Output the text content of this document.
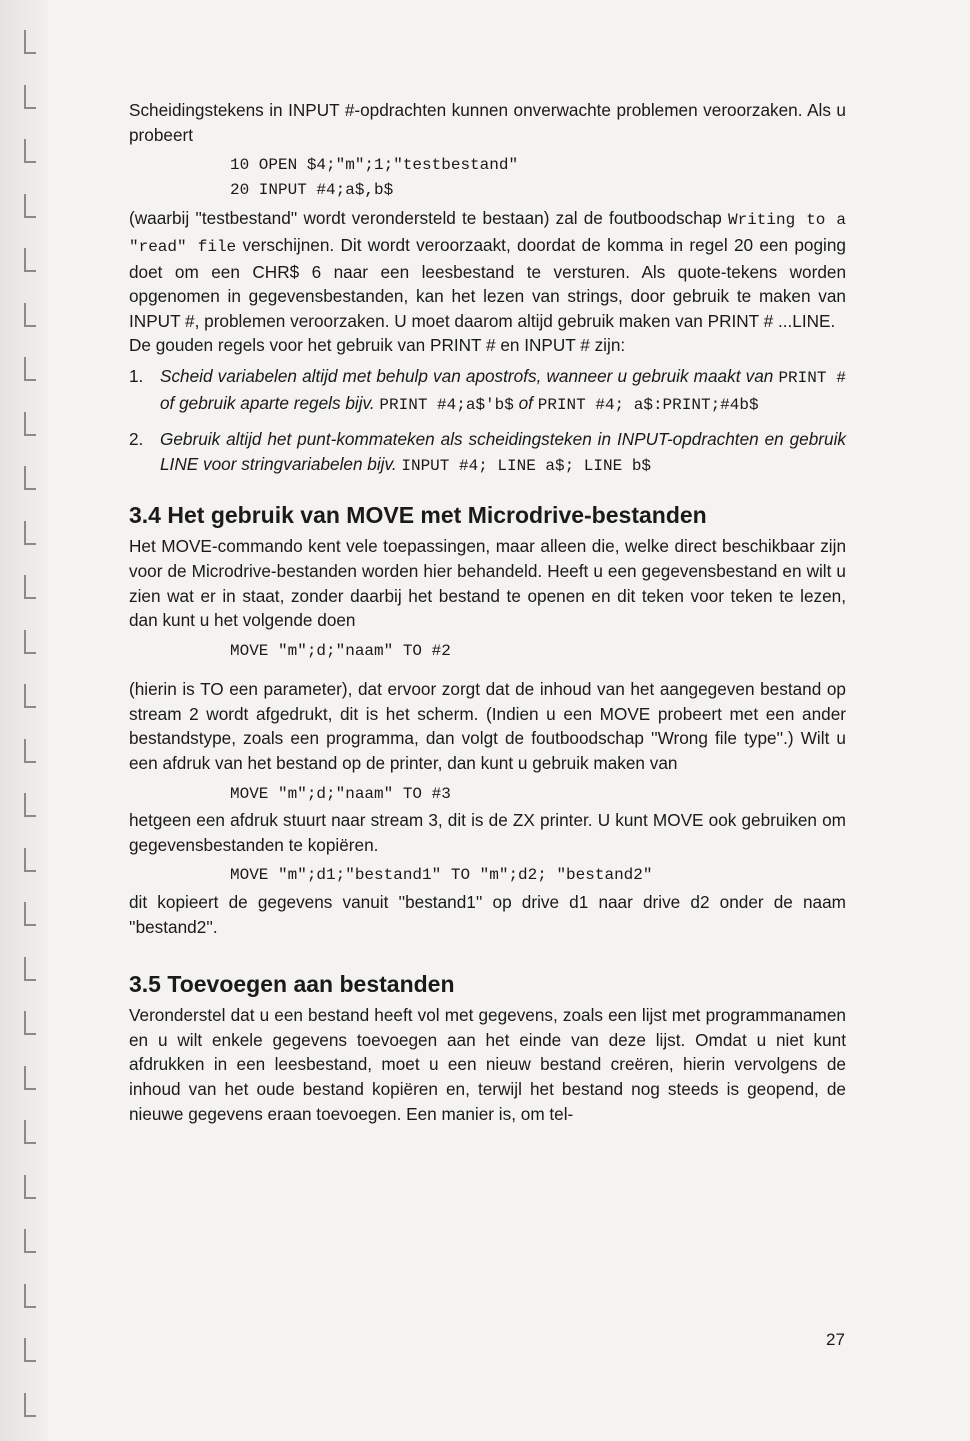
Scheidingstekens in INPUT #-opdrachten kunnen onverwachte problemen veroorzaken. Als u probeert

10 OPEN $4;"m";1;"testbestand"
20 INPUT #4;a$,b$

(waarbij ''testbestand'' wordt verondersteld te bestaan) zal de foutboodschap Writing to a "read" file verschijnen. Dit wordt veroorzaakt, doordat de komma in regel 20 een poging doet om een CHR$ 6 naar een leesbestand te versturen. Als quote-tekens worden opgenomen in gegevensbestanden, kan het lezen van strings, door gebruik te maken van INPUT #, problemen veroorzaken. U moet daarom altijd gebruik maken van PRINT # ...LINE.

De gouden regels voor het gebruik van PRINT # en INPUT # zijn:

1. Scheid variabelen altijd met behulp van apostrofs, wanneer u gebruik maakt van PRINT # of gebruik aparte regels bijv. PRINT #4;a$'b$ of PRINT #4; a$:PRINT;#4b$
2. Gebruik altijd het punt-kommateken als scheidingsteken in INPUT-opdrachten en gebruik LINE voor stringvariabelen bijv. INPUT #4; LINE a$; LINE b$
3.4 Het gebruik van MOVE met Microdrive-bestanden

Het MOVE-commando kent vele toepassingen, maar alleen die, welke direct beschikbaar zijn voor de Microdrive-bestanden worden hier behandeld. Heeft u een gegevensbestand en wilt u zien wat er in staat, zonder daarbij het bestand te openen en dit teken voor teken te lezen, dan kunt u het volgende doen

MOVE "m";d;"naam" TO #2

(hierin is TO een parameter), dat ervoor zorgt dat de inhoud van het aangegeven bestand op stream 2 wordt afgedrukt, dit is het scherm. (Indien u een MOVE probeert met een ander bestandstype, zoals een programma, dan volgt de foutboodschap ''Wrong file type''.) Wilt u een afdruk van het bestand op de printer, dan kunt u gebruik maken van

MOVE "m";d;"naam" TO #3

hetgeen een afdruk stuurt naar stream 3, dit is de ZX printer. U kunt MOVE ook gebruiken om gegevensbestanden te kopiëren.

MOVE "m";d1;"bestand1" TO "m";d2; "bestand2"

dit kopieert de gegevens vanuit ''bestand1'' op drive d1 naar drive d2 onder de naam ''bestand2''.

3.5 Toevoegen aan bestanden

Veronderstel dat u een bestand heeft vol met gegevens, zoals een lijst met programmanamen en u wilt enkele gegevens toevoegen aan het einde van deze lijst. Omdat u niet kunt afdrukken in een leesbestand, moet u een nieuw bestand creëren, hierin vervolgens de inhoud van het oude bestand kopiëren en, terwijl het bestand nog steeds is geopend, de nieuwe gegevens eraan toevoegen. Een manier is, om tel-

27
